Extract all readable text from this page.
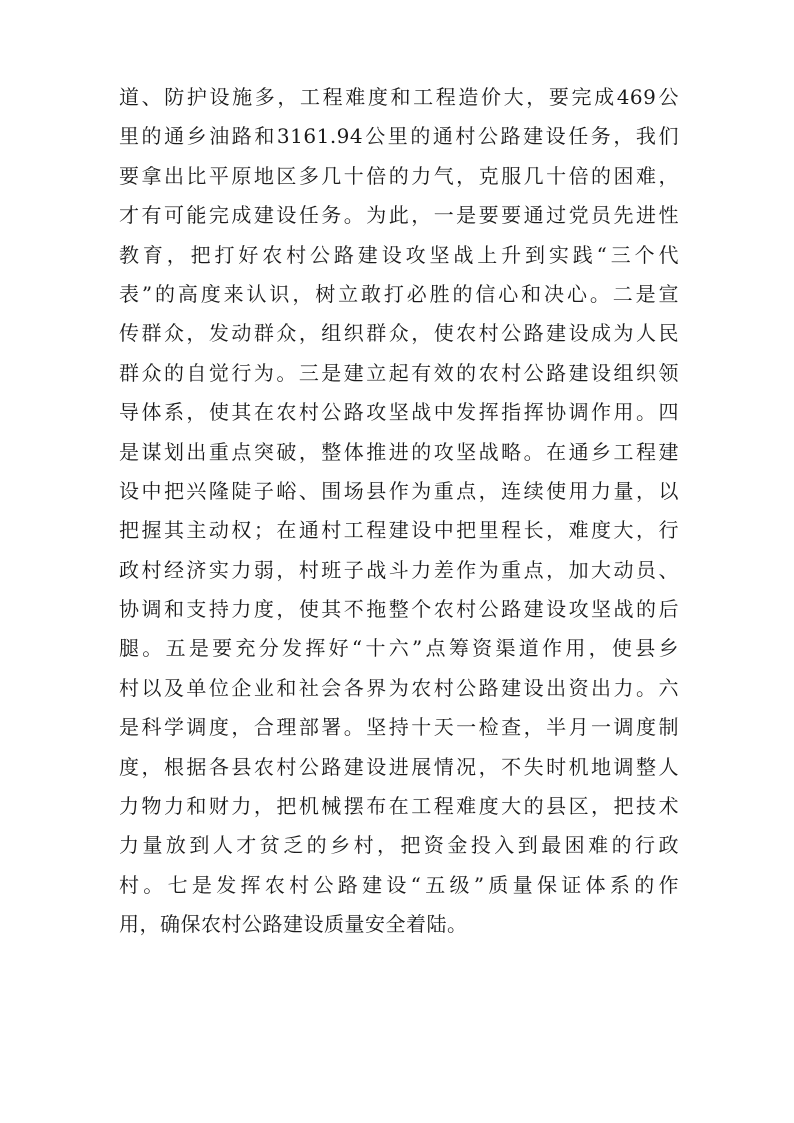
道、防护设施多，工程难度和工程造价大，要完成469公
里的通乡油路和3161.94公里的通村公路建设任务，我们
要拿出比平原地区多几十倍的力气，克服几十倍的困难，
才有可能完成建设任务。为此，一是要要通过党员先进性
教育，把打好农村公路建设攻坚战上升到实践“三个代
表”的高度来认识，树立敢打必胜的信心和决心。二是宣
传群众，发动群众，组织群众，使农村公路建设成为人民
群众的自觉行为。三是建立起有效的农村公路建设组织领
导体系，使其在农村公路攻坚战中发挥指挥协调作用。四
是谋划出重点突破，整体推进的攻坚战略。在通乡工程建
设中把兴隆陡子峪、围场县作为重点，连续使用力量，以
把握其主动权；在通村工程建设中把里程长，难度大，行
政村经济实力弱，村班子战斗力差作为重点，加大动员、
协调和支持力度，使其不拖整个农村公路建设攻坚战的后
腿。五是要充分发挥好“十六”点筹资渠道作用，使县乡
村以及单位企业和社会各界为农村公路建设出资出力。六
是科学调度，合理部署。坚持十天一检查，半月一调度制
度，根据各县农村公路建设进展情况，不失时机地调整人
力物力和财力，把机械摆布在工程难度大的县区，把技术
力量放到人才贫乏的乡村，把资金投入到最困难的行政
村。七是发挥农村公路建设“五级”质量保证体系的作
用，确保农村公路建设质量安全着陆。
